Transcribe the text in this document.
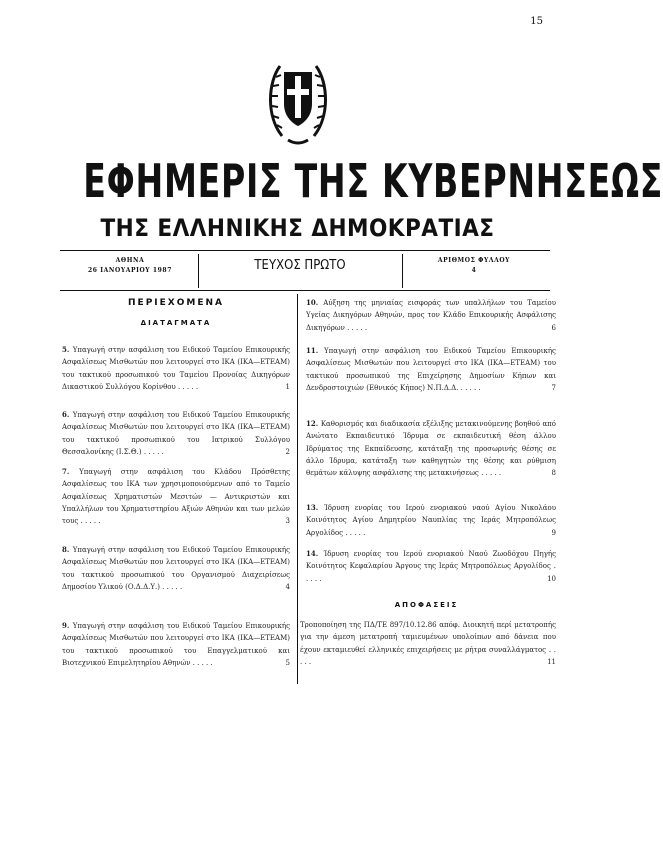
15
ΕΦΗΜΕΡΙΣ ΤΗΣ ΚΥΒΕΡΝΗΣΕΩΣ
ΤΗΣ ΕΛΛΗΝΙΚΗΣ ΔΗΜΟΚΡΑΤΙΑΣ
ΑΘΗΝΑ
26 ΙΑΝΟΥΑΡΙΟΥ 1987	ΤΕΥΧΟΣ ΠΡΩΤΟ	ΑΡΙΘΜΟΣ ΦΥΛΛΟΥ
4
ΠΕΡΙΕΧΟΜΕΝΑ
ΔΙΑΤΑΓΜΑΤΑ
ΑΠΟΦΑΣΕΙΣ
5. Υπαγωγή στην ασφάλιση του Ειδικού Ταμείου Επικουρικής Ασφαλίσεως Μισθωτών που λειτουργεί στο ΙΚΑ (ΙΚΑ—ΕΤΕΑΜ) του τακτικού προσωπικού του Ταμείου Προνοίας Δικηγόρων Δικαστικού Συλλόγου Κορίνθου . . . . .	1
6. Υπαγωγή στην ασφάλιση του Ειδικού Ταμείου Επικουρικής Ασφαλίσεως Μισθωτών που λειτουργεί στο ΙΚΑ (ΙΚΑ—ΕΤΕΑΜ) του τακτικού προσωπικού του Ιατρικού Συλλόγου Θεσσαλονίκης (Ι.Σ.Θ.) . . . . .	2
7. Υπαγωγή στην ασφάλιση του Κλάδου Πρόσθετης Ασφαλίσεως του ΙΚΑ των χρησιμοποιούμενων από το Ταμείο Ασφαλίσεως Χρηματιστών Μεσιτών — Αντικριστών και Υπαλλήλων του Χρηματιστηρίου Αξιών Αθηνών και των μελών τους . . . . .	3
8. Υπαγωγή στην ασφάλιση του Ειδικού Ταμείου Επικουρικής Ασφαλίσεως Μισθωτών που λειτουργεί στο ΙΚΑ (ΙΚΑ—ΕΤΕΑΜ) του τακτικού προσωπικού του Οργανισμού Διαχειρίσεως Δημοσίου Υλικού (Ο.Δ.Δ.Υ.) . . . . .	4
9. Υπαγωγή στην ασφάλιση του Ειδικού Ταμείου Επικουρικής Ασφαλίσεως Μισθωτών που λειτουργεί στο ΙΚΑ (ΙΚΑ—ΕΤΕΑΜ) του τακτικού προσωπικού του Επαγγελματικού και Βιοτεχνικού Επιμελητηρίου Αθηνών . . . . .	5
10. Αύξηση της μηνιαίας εισφοράς των υπαλλήλων του Ταμείου Υγείας Δικηγόρων Αθηνών, προς τον Κλάδο Επικουρικής Ασφάλισης Δικηγόρων . . . . .	6
11. Υπαγωγή στην ασφάλιση του Ειδικού Ταμείου Επικουρικής Ασφαλίσεως Μισθωτών που λειτουργεί στο ΙΚΑ (ΙΚΑ—ΕΤΕΑΜ) του τακτικού προσωπικού της Επιχείρησης Δημοσίων Κήπων και Δενδροστοιχιών (Εθνικός Κήπος) Ν.Π.Δ.Δ. . . . . .	7
12. Καθορισμός και διαδικασία εξέλιξης μετακινούμενης βοηθού από Ανώτατο Εκπαιδευτικό Ίδρυμα σε εκπαιδευτική θέση άλλου Ιδρύματος της Εκπαίδευσης, κατάταξη της προσωρινής θέσης σε άλλο Ίδρυμα, κατάταξη των καθηγητών της θέσης και ρύθμιση θεμάτων κάλυψης ασφάλισης της μετακινήσεως . . . . .	8
13. Ίδρυση ενορίας του Ιερού ενοριακού ναού Αγίου Νικολάου Κοινότητος Αγίου Δημητρίου Ναυπλίας της Ιεράς Μητροπόλεως Αργολίδος . . . . .	9
14. Ίδρυση ενορίας του Ιερού ενοριακού Ναού Ζωοδόχου Πηγής Κοινότητος Κεφαλαρίου Άργους της Ιεράς Μητροπόλεως Αργολίδος . . . . .	10
Τροποποίηση της ΠΔ/ΤΕ 897/10.12.86 απόφ. Διοικητή περί μετατροπής για την άμεση μετατροπή ταμιευμένων υπολοίπων από δάνεια που έχουν εκταμιευθεί ελληνικές επιχειρήσεις με ρήτρα συναλλάγματος . . . . .	11
